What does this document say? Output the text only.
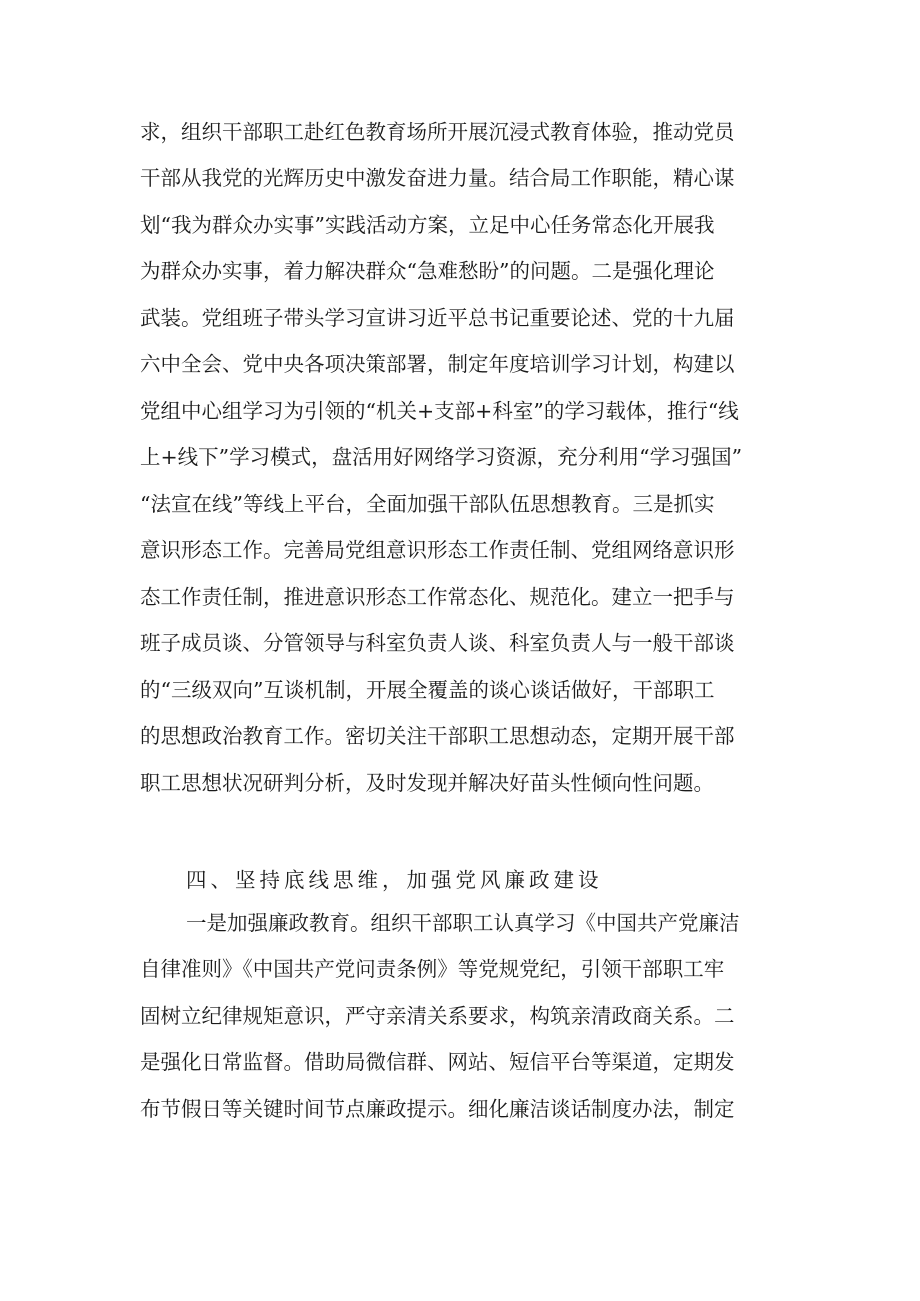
求，组织干部职工赴红色教育场所开展沉浸式教育体验，推动党员
干部从我党的光辉历史中激发奋进力量。结合局工作职能，精心谋
划“我为群众办实事”实践活动方案，立足中心任务常态化开展我
为群众办实事，着力解决群众“急难愁盼”的问题。二是强化理论
武装。党组班子带头学习宣讲习近平总书记重要论述、党的十九届
六中全会、党中央各项决策部署，制定年度培训学习计划，构建以
党组中心组学习为引领的“机关+支部+科室”的学习载体，推行“线
上+线下”学习模式，盘活用好网络学习资源，充分利用“学习强国”
“法宣在线”等线上平台，全面加强干部队伍思想教育。三是抓实
意识形态工作。完善局党组意识形态工作责任制、党组网络意识形
态工作责任制，推进意识形态工作常态化、规范化。建立一把手与
班子成员谈、分管领导与科室负责人谈、科室负责人与一般干部谈
的“三级双向”互谈机制，开展全覆盖的谈心谈话做好，干部职工
的思想政治教育工作。密切关注干部职工思想动态，定期开展干部
职工思想状况研判分析，及时发现并解决好苗头性倾向性问题。
四、坚持底线思维，加强党风廉政建设
一是加强廉政教育。组织干部职工认真学习《中国共产党廉洁
自律准则》《中国共产党问责条例》等党规党纪，引领干部职工牢
固树立纪律规矩意识，严守亲清关系要求，构筑亲清政商关系。二
是强化日常监督。借助局微信群、网站、短信平台等渠道，定期发
布节假日等关键时间节点廉政提示。细化廉洁谈话制度办法，制定
